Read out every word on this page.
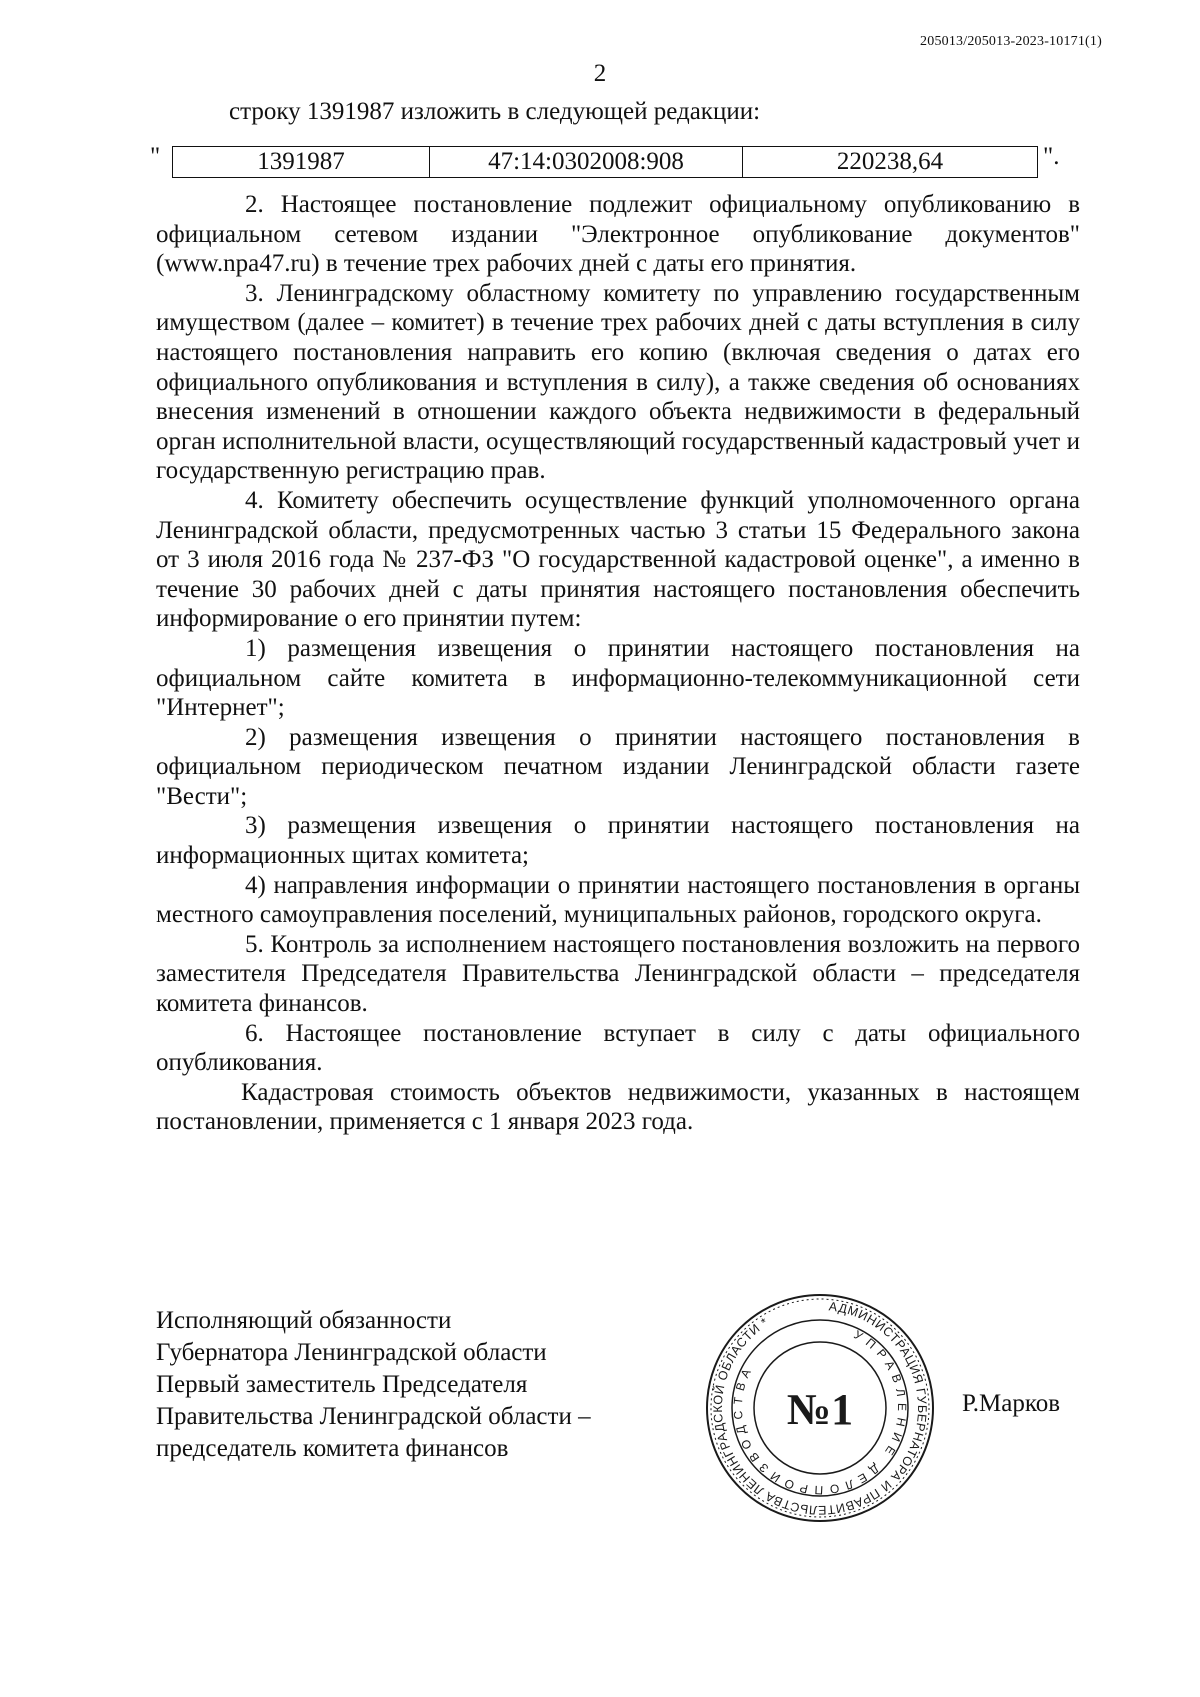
205013/205013-2023-10171(1)
2
строку 1391987 изложить в следующей редакции:
"	1391987	47:14:0302008:908	220238,64	".

2. Настоящее постановление подлежит официальному опубликованию в официальном сетевом издании "Электронное опубликование документов" (www.npa47.ru) в течение трех рабочих дней с даты его принятия.

3. Ленинградскому областному комитету по управлению государственным имуществом (далее – комитет) в течение трех рабочих дней с даты вступления в силу настоящего постановления направить его копию (включая сведения о датах его официального опубликования и вступления в силу), а также сведения об основаниях внесения изменений в отношении каждого объекта недвижимости в федеральный орган исполнительной власти, осуществляющий государственный кадастровый учет и государственную регистрацию прав.

4. Комитету обеспечить осуществление функций уполномоченного органа Ленинградской области, предусмотренных частью 3 статьи 15 Федерального закона от 3 июля 2016 года № 237-ФЗ "О государственной кадастровой оценке", а именно в течение 30 рабочих дней с даты принятия настоящего постановления обеспечить информирование о его принятии путем:

1) размещения извещения о принятии настоящего постановления на официальном сайте комитета в информационно-телекоммуникационной сети "Интернет";

2) размещения извещения о принятии настоящего постановления в официальном периодическом печатном издании Ленинградской области газете "Вести";

3) размещения извещения о принятии настоящего постановления на информационных щитах комитета;

4) направления информации о принятии настоящего постановления в органы местного самоуправления поселений, муниципальных районов, городского округа.

5. Контроль за исполнением настоящего постановления возложить на первого заместителя Председателя Правительства Ленинградской области – председателя комитета финансов.

6. Настоящее постановление вступает в силу с даты официального опубликования.

Кадастровая стоимость объектов недвижимости, указанных в настоящем постановлении, применяется с 1 января 2023 года.

Исполняющий обязанности
Губернатора Ленинградской области
Первый заместитель Председателя
Правительства Ленинградской области –
председатель комитета финансов
АДМИНИСТРАЦИЯ ГУБЕРНАТОРА И ПРАВИТЕЛЬСТВА ЛЕНИНГРАДСКОЙ ОБЛАСТИ *
УПРАВЛЕНИЕ ДЕЛОПРОИЗВОДСТВА
№1	Р.Марков
